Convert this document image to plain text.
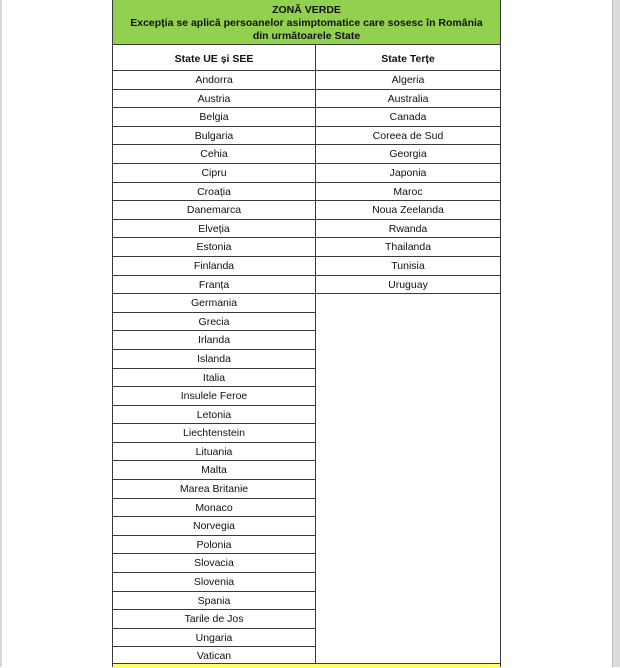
ZONĂ VERDE

Excepția se aplică persoanelor asimptomatice care sosesc în România din următoarele State
State UE și SEE	State Terțe
Andorra
Austria
Belgia
Bulgaria
Cehia
Cipru
Croația
Danemarca
Elveția
Estonia
Finlanda
Franța
Germania
Grecia
Irlanda
Islanda
Italia
Insulele Feroe
Letonia
Liechtenstein
Lituania
Malta
Marea Britanie
Monaco
Norvegia
Polonia
Slovacia
Slovenia
Spania
Tarile de Jos
Ungaria
Vatican
Algeria
Australia
Canada
Coreea de Sud
Georgia
Japonia
Maroc
Noua Zeelanda
Rwanda
Thailanda
Tunisia
Uruguay
